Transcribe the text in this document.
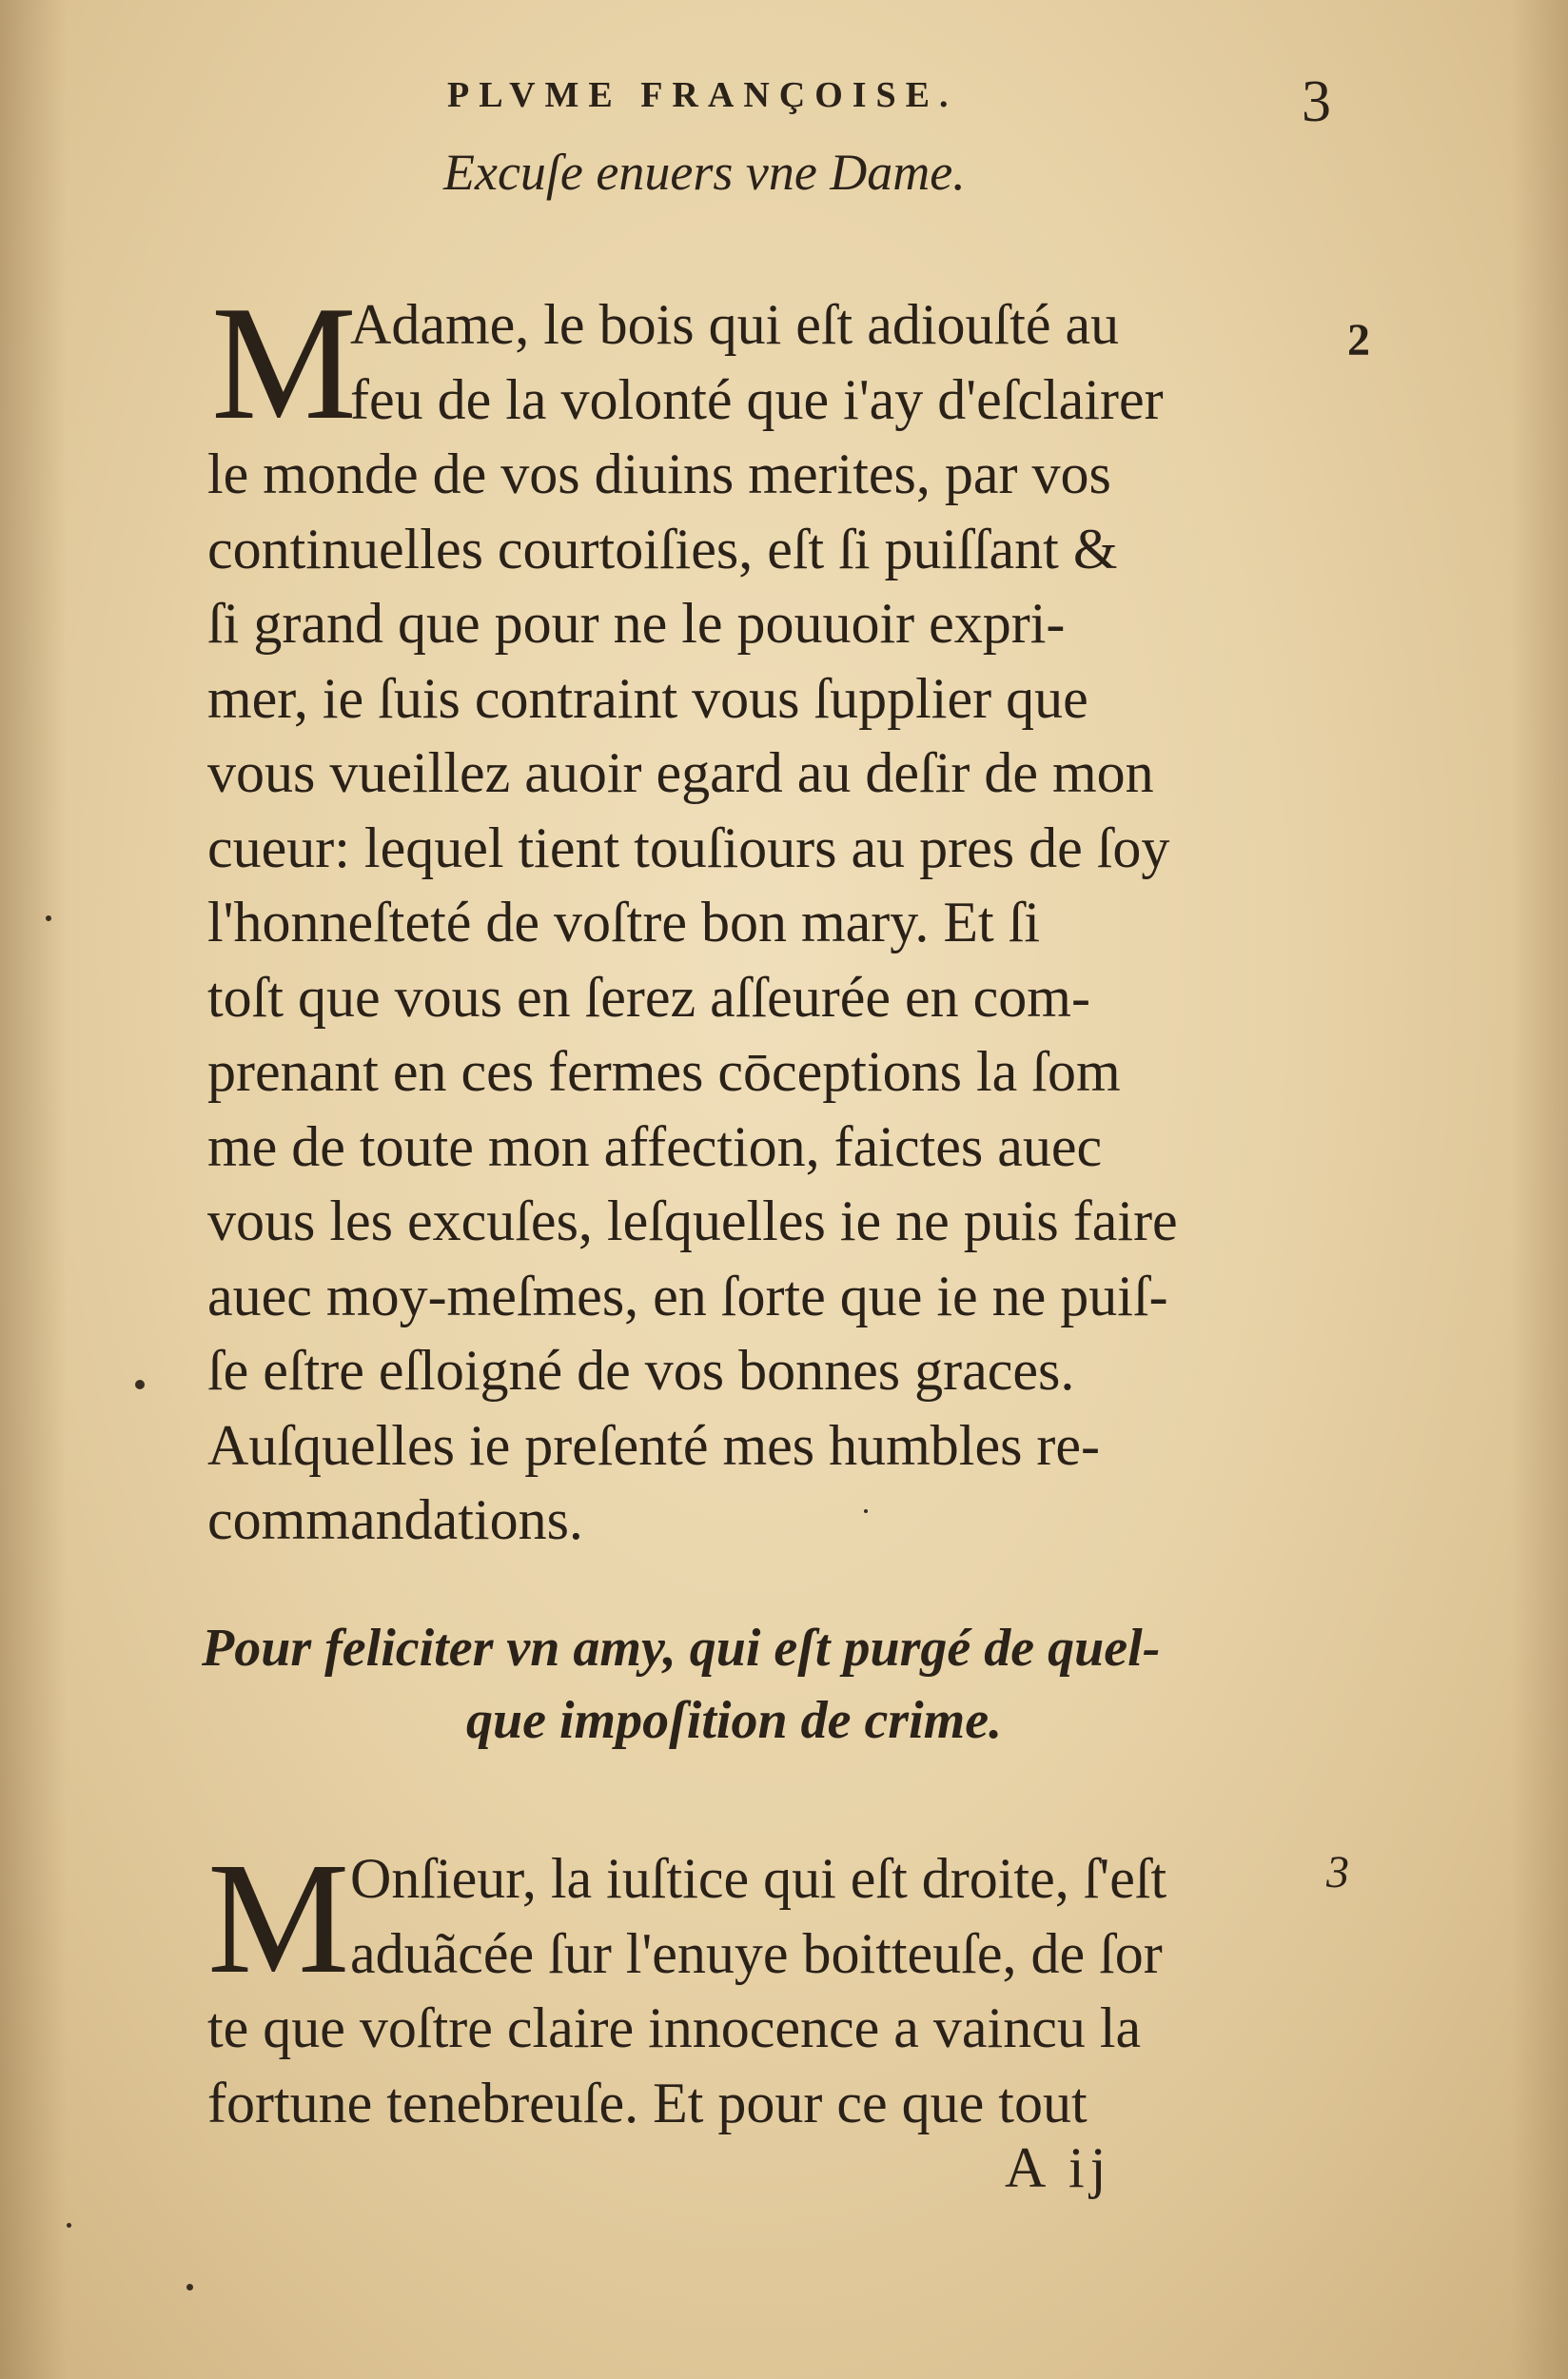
PLVME FRANÇOISE.	3
Excuſe enuers vne Dame.
M	2
Adame, le bois qui eſt adiouſté au
feu de la volonté que i'ay d'eſclairer
le monde de vos diuins merites, par vos
continuelles courtoiſies, eſt ſi puiſſant &
ſi grand que pour ne le pouuoir expri-
mer, ie ſuis contraint vous ſupplier que
vous vueillez auoir egard au deſir de mon
cueur: lequel tient touſiours au pres de ſoy
l'honneſteté de voſtre bon mary. Et ſi
toſt que vous en ſerez aſſeurée en com-
prenant en ces fermes cōceptions la ſom
me de toute mon affection, faictes auec
vous les excuſes, leſquelles ie ne puis faire
auec moy-meſmes, en ſorte que ie ne puiſ-
ſe eſtre eſloigné de vos bonnes graces.
Auſquelles ie preſenté mes humbles re-
commandations.
Pour feliciter vn amy, qui eſt purgé de quel-
que impoſition de crime.
M	3
Onſieur, la iuſtice qui eſt droite, ſ'eſt
aduãcée ſur l'enuye boitteuſe, de ſor
te que voſtre claire innocence a vaincu la
fortune tenebreuſe. Et pour ce que tout
A ij
